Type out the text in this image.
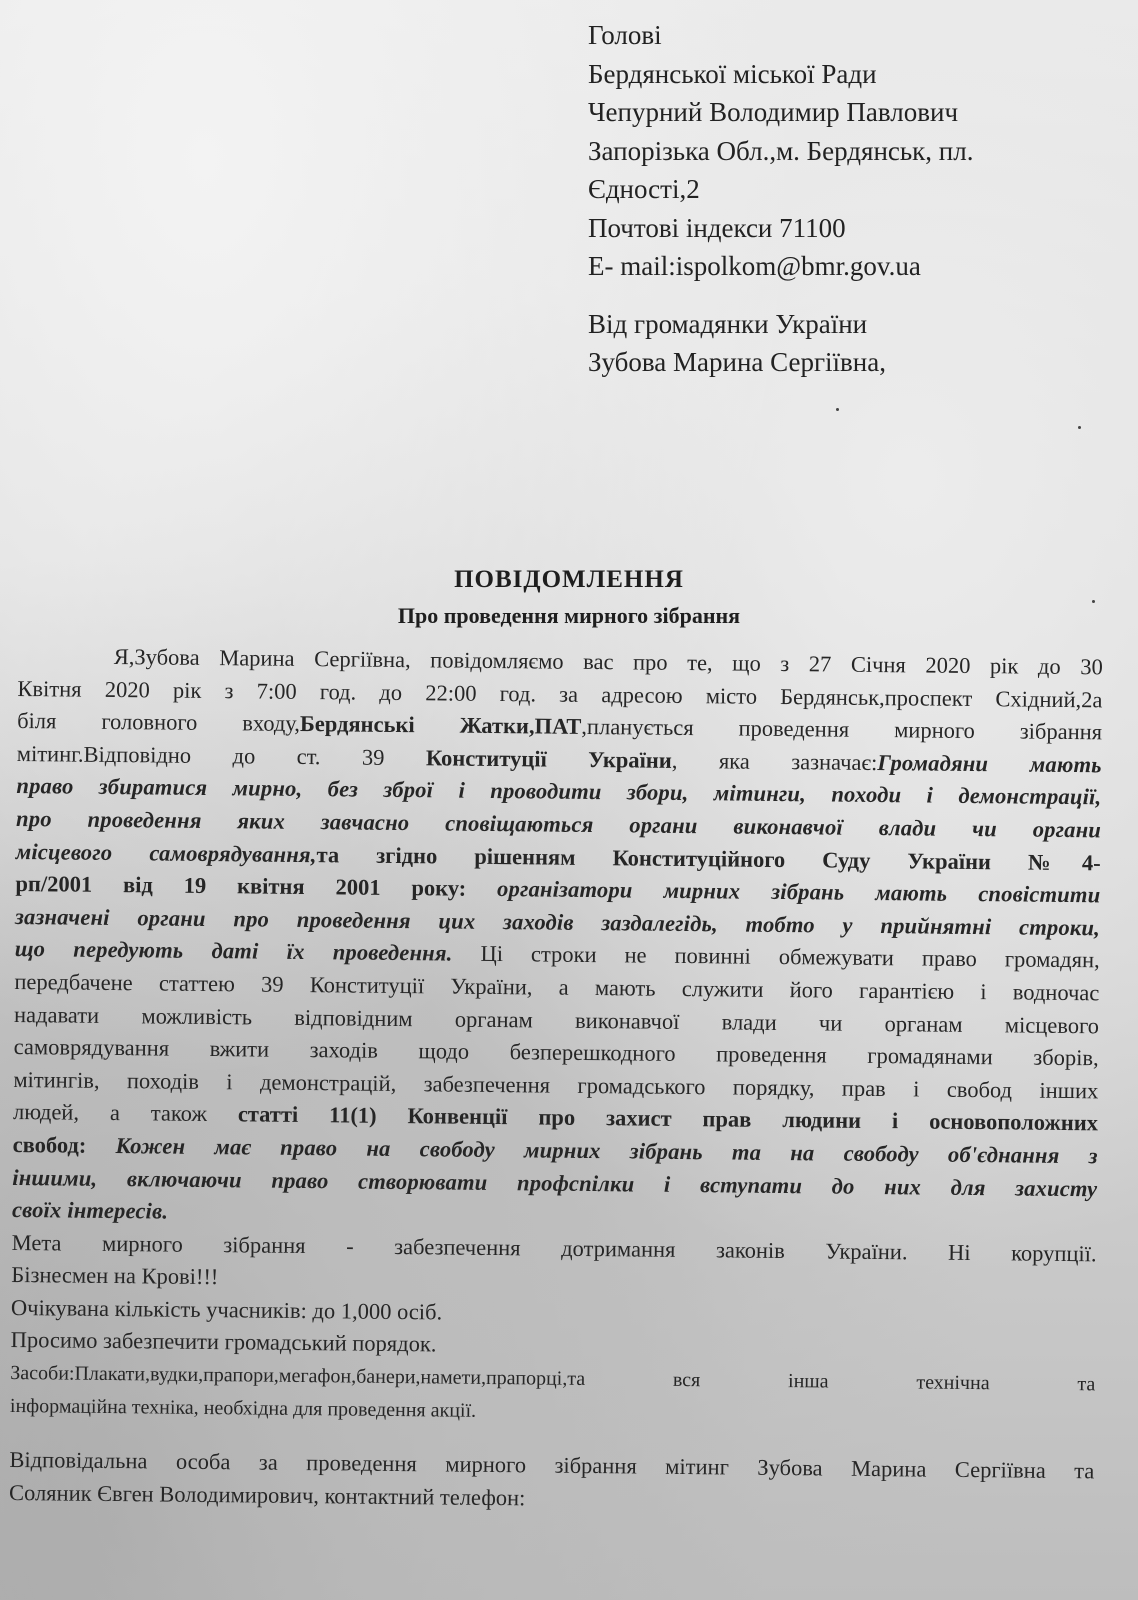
Голові
Бердянської міської Ради
Чепурний Володимир Павлович
Запорізька Обл.,м. Бердянськ, пл.
Єдності,2
Почтові індекси 71100
E- mail:ispolkom@bmr.gov.ua
Від громадянки України
Зубова Марина Сергіївна,
ПОВІДОМЛЕННЯ
Про проведення мирного зібрання
Я,Зубова Марина Сергіївна, повідомляємо вас про те, що з 27 Січня 2020 рік до 30
Квітня 2020 рік з 7:00 год. до 22:00 год. за адресою місто Бердянськ,проспект Східний,2а
біля головного входу,Бердянські Жатки,ПАТ,планується проведення мирного зібрання
мітинг.Відповідно до ст. 39 Конституції України, яка зазначає:Громадяни мають
право збиратися мирно, без зброї і проводити збори, мітинги, походи і демонстрації,
про проведення яких завчасно сповіщаються органи виконавчої влади чи органи
місцевого самоврядування,та згідно рішенням Конституційного Суду України №4-
рп/2001 від 19 квітня 2001 року: організатори мирних зібрань мають сповістити
зазначені органи про проведення цих заходів заздалегідь, тобто у прийнятні строки,
що передують даті їх проведення. Ці строки не повинні обмежувати право громадян,
передбачене статтею 39 Конституції України, а мають служити його гарантією і водночас
надавати можливість відповідним органам виконавчої влади чи органам місцевого
самоврядування вжити заходів щодо безперешкодного проведення громадянами зборів,
мітингів, походів і демонстрацій, забезпечення громадського порядку, прав і свобод інших
людей, а також статті 11(1) Конвенції про захист прав людини і основоположних
свобод: Кожен має право на свободу мирних зібрань та на свободу об'єднання з
іншими, включаючи право створювати профспілки і вступати до них для захисту
своїх інтересів.
Мета мирного зібрання - забезпечення дотримання законів України. Ні корупції.
Бізнесмен на Крові!!!
Очікувана кількість учасників: до 1,000 осіб.
Просимо забезпечити громадський порядок.
Засоби:Плакати,вудки,прапори,мегафон,банери,намети,прапорці,та вся інша технічна та
інформаційна техніка, необхідна для проведення акції.
Відповідальна особа за проведення мирного зібрання мітинг Зубова Марина Сергіївна та
Соляник Євген Володимирович, контактний телефон:
